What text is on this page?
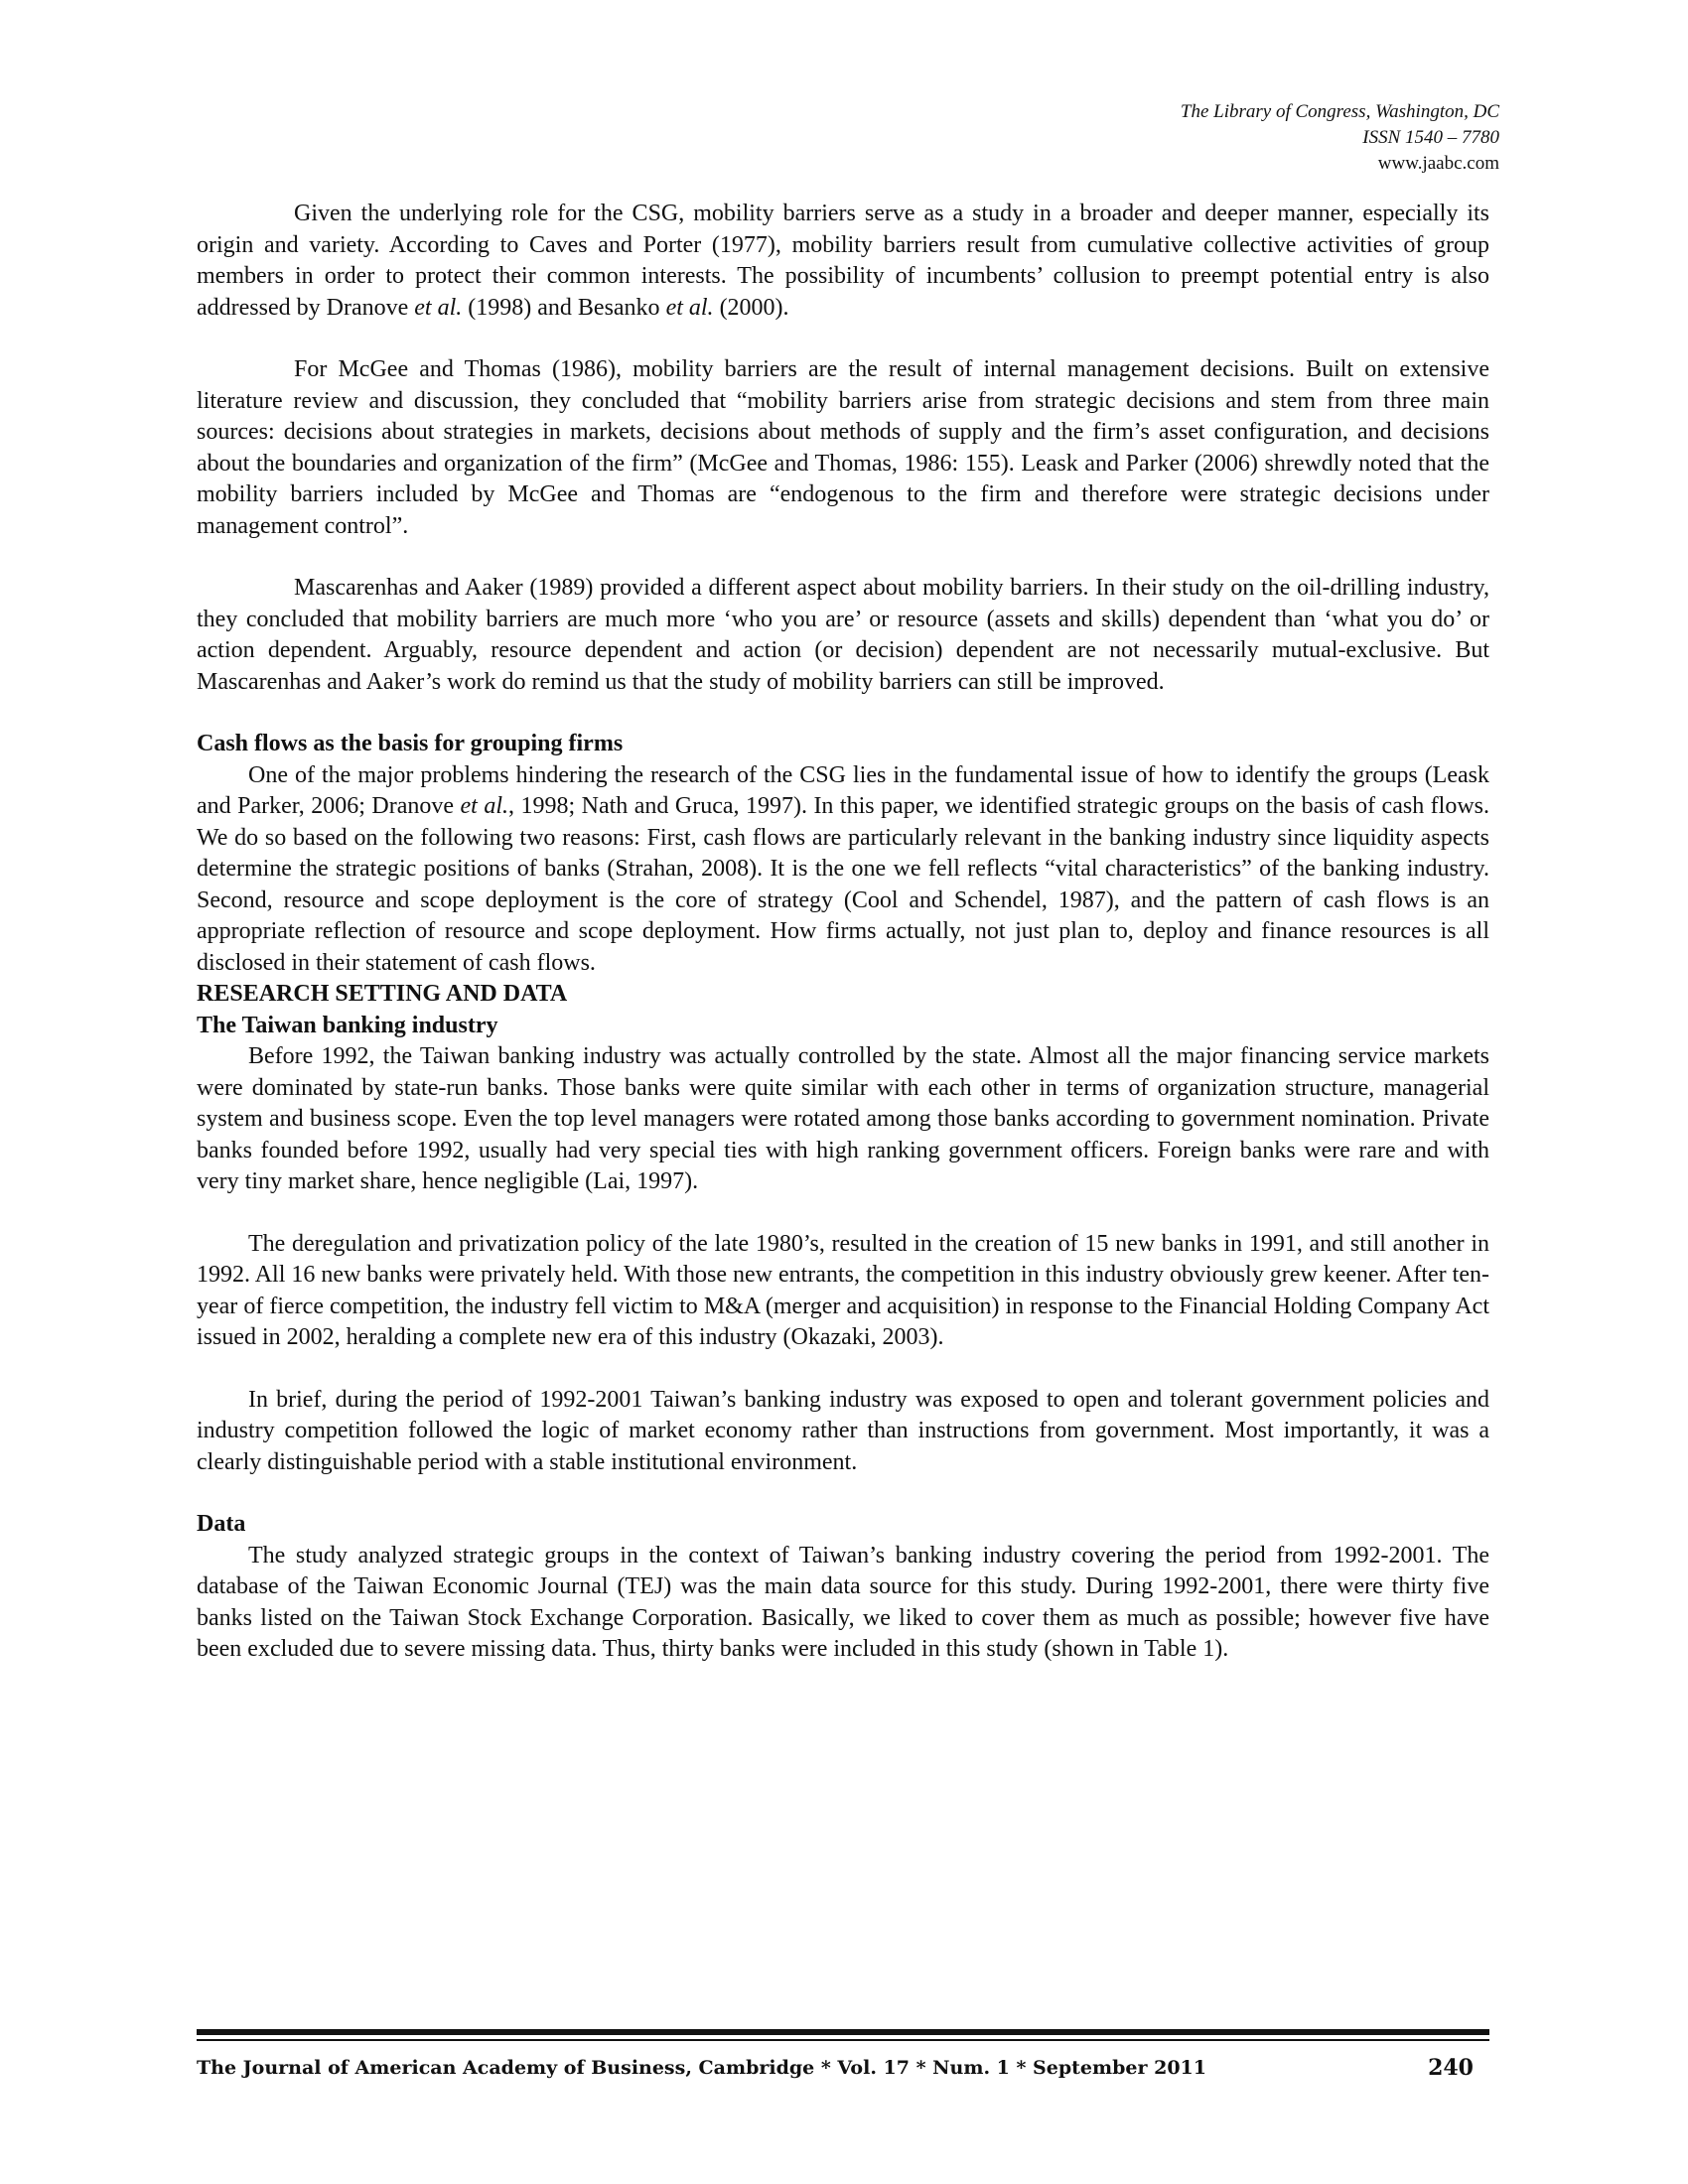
The Library of Congress, Washington, DC
ISSN 1540 – 7780
www.jaabc.com

Given the underlying role for the CSG, mobility barriers serve as a study in a broader and deeper manner, especially its origin and variety. According to Caves and Porter (1977), mobility barriers result from cumulative collective activities of group members in order to protect their common interests. The possibility of incumbents’ collusion to preempt potential entry is also addressed by Dranove et al. (1998) and Besanko et al. (2000).

For McGee and Thomas (1986), mobility barriers are the result of internal management decisions. Built on extensive literature review and discussion, they concluded that “mobility barriers arise from strategic decisions and stem from three main sources: decisions about strategies in markets, decisions about methods of supply and the firm’s asset configuration, and decisions about the boundaries and organization of the firm” (McGee and Thomas, 1986: 155). Leask and Parker (2006) shrewdly noted that the mobility barriers included by McGee and Thomas are “endogenous to the firm and therefore were strategic decisions under management control”.

Mascarenhas and Aaker (1989) provided a different aspect about mobility barriers. In their study on the oil-drilling industry, they concluded that mobility barriers are much more ‘who you are’ or resource (assets and skills) dependent than ‘what you do’ or action dependent. Arguably, resource dependent and action (or decision) dependent are not necessarily mutual-exclusive. But Mascarenhas and Aaker’s work do remind us that the study of mobility barriers can still be improved.

Cash flows as the basis for grouping firms

One of the major problems hindering the research of the CSG lies in the fundamental issue of how to identify the groups (Leask and Parker, 2006; Dranove et al., 1998; Nath and Gruca, 1997). In this paper, we identified strategic groups on the basis of cash flows. We do so based on the following two reasons: First, cash flows are particularly relevant in the banking industry since liquidity aspects determine the strategic positions of banks (Strahan, 2008). It is the one we fell reflects “vital characteristics” of the banking industry. Second, resource and scope deployment is the core of strategy (Cool and Schendel, 1987), and the pattern of cash flows is an appropriate reflection of resource and scope deployment. How firms actually, not just plan to, deploy and finance resources is all disclosed in their statement of cash flows.

RESEARCH SETTING AND DATA

The Taiwan banking industry

Before 1992, the Taiwan banking industry was actually controlled by the state. Almost all the major financing service markets were dominated by state-run banks. Those banks were quite similar with each other in terms of organization structure, managerial system and business scope. Even the top level managers were rotated among those banks according to government nomination. Private banks founded before 1992, usually had very special ties with high ranking government officers. Foreign banks were rare and with very tiny market share, hence negligible (Lai, 1997).

The deregulation and privatization policy of the late 1980’s, resulted in the creation of 15 new banks in 1991, and still another in 1992. All 16 new banks were privately held. With those new entrants, the competition in this industry obviously grew keener. After ten-year of fierce competition, the industry fell victim to M&A (merger and acquisition) in response to the Financial Holding Company Act issued in 2002, heralding a complete new era of this industry (Okazaki, 2003).

In brief, during the period of 1992-2001 Taiwan’s banking industry was exposed to open and tolerant government policies and industry competition followed the logic of market economy rather than instructions from government. Most importantly, it was a clearly distinguishable period with a stable institutional environment.

Data

The study analyzed strategic groups in the context of Taiwan’s banking industry covering the period from 1992-2001. The database of the Taiwan Economic Journal (TEJ) was the main data source for this study. During 1992-2001, there were thirty five banks listed on the Taiwan Stock Exchange Corporation. Basically, we liked to cover them as much as possible; however five have been excluded due to severe missing data. Thus, thirty banks were included in this study (shown in Table 1).

The Journal of American Academy of Business, Cambridge * Vol. 17 * Num. 1 * September 2011	240
